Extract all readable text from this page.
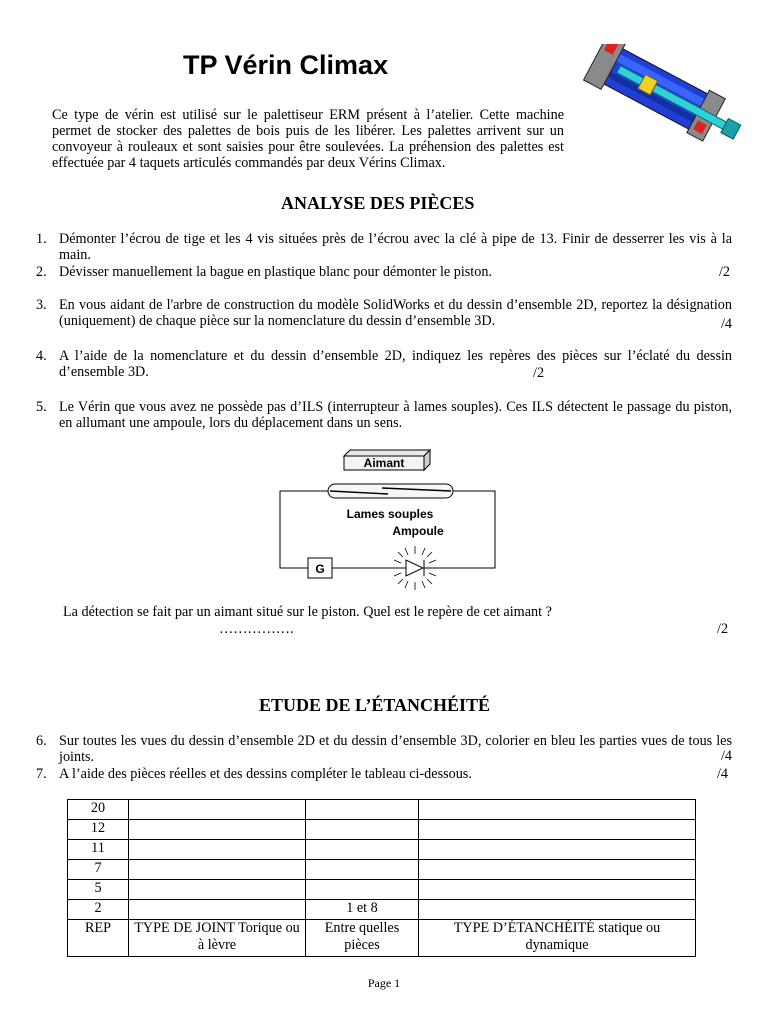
TP Vérin Climax
Ce type de vérin est utilisé sur le palettiseur ERM présent à l’atelier. Cette machine permet de stocker des palettes de bois puis de les libérer. Les palettes arrivent sur un convoyeur à rouleaux et sont saisies pour être soulevées. La préhension des palettes est effectuée par 4 taquets articulés commandés par deux Vérins Climax.
ANALYSE DES PIÈCES
1. Démonter l’écrou de tige et les 4 vis situées près de l’écrou avec la clé à pipe de 13. Finir de desserrer les vis à la main.
2. Dévisser manuellement la bague en plastique blanc pour démonter le piston.	/2
3. En vous aidant de l'arbre de construction du modèle SolidWorks et du dessin d’ensemble 2D, reportez la désignation (uniquement) de chaque pièce sur la nomenclature du dessin d’ensemble 3D.	/4
4. A l’aide de la nomenclature et du dessin d’ensemble 2D, indiquez les repères des pièces sur l’éclaté du dessin d’ensemble 3D.	/2
5. Le Vérin que vous avez ne possède pas d’ILS (interrupteur à lames souples). Ces ILS détectent le passage du piston, en allumant une ampoule, lors du déplacement dans un sens.
Aimant
Lames souples
Ampoule
G
La détection se fait par un aimant situé sur le piston. Quel est le repère de cet aimant ?
…………….	/2
ETUDE DE L’ÉTANCHÉITÉ
6. Sur toutes les vues du dessin d’ensemble 2D et du dessin d’ensemble 3D, colorier en bleu les parties vues de tous les joints.	/4
7. A l’aide des pièces réelles et des dessins compléter le tableau ci-dessous.	/4
20			
12			
11			
7			
5			
2		1 et 8	
REP	TYPE DE JOINT Torique ou à lèvre	Entre quelles pièces	TYPE D’ÉTANCHÉITÉ statique ou dynamique
Page 1
